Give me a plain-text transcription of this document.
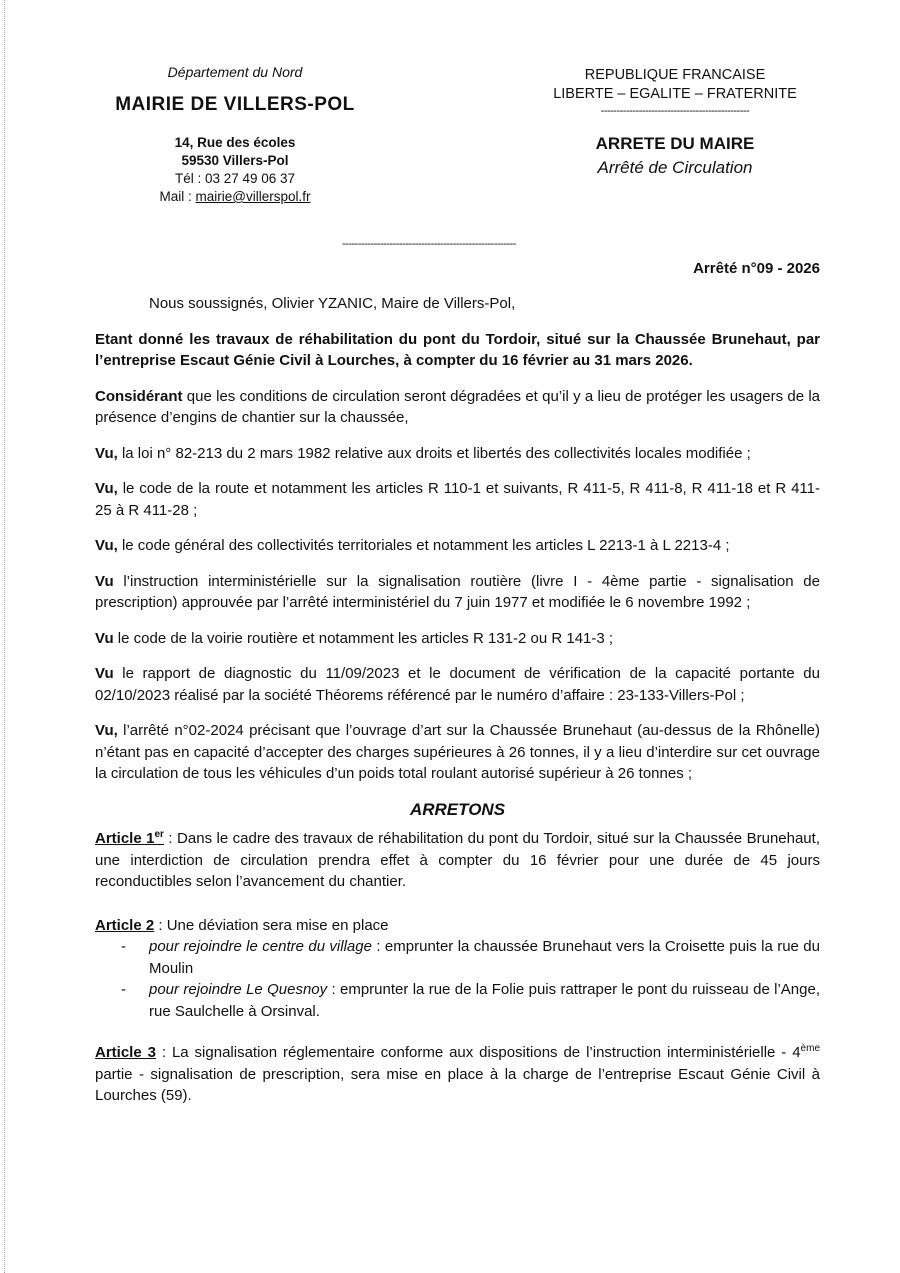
Département du Nord
MAIRIE DE VILLERS-POL
14, Rue des écoles
59530 Villers-Pol
Tél : 03 27 49 06 37
Mail : mairie@villerspol.fr
REPUBLIQUE FRANCAISE
LIBERTE – EGALITE – FRATERNITE
-----------------------------------------------
ARRETE DU MAIRE
Arrêté de Circulation
-------------------------------------------------------
Arrêté n°09 - 2026

Nous soussignés, Olivier YZANIC, Maire de Villers-Pol,

Etant donné les travaux de réhabilitation du pont du Tordoir, situé sur la Chaussée Brunehaut, par l’entreprise Escaut Génie Civil à Lourches, à compter du 16 février au 31 mars 2026.

Considérant que les conditions de circulation seront dégradées et qu’il y a lieu de protéger les usagers de la présence d’engins de chantier sur la chaussée,

Vu, la loi n° 82-213 du 2 mars 1982 relative aux droits et libertés des collectivités locales modifiée ;

Vu, le code de la route et notamment les articles R 110-1 et suivants, R 411-5, R 411-8, R 411-18 et R 411-25 à R 411-28 ;

Vu, le code général des collectivités territoriales et notamment les articles L 2213-1 à L 2213-4 ;

Vu l’instruction interministérielle sur la signalisation routière (livre I - 4ème partie - signalisation de prescription) approuvée par l’arrêté interministériel du 7 juin 1977 et modifiée le 6 novembre 1992 ;

Vu le code de la voirie routière et notamment les articles R 131-2 ou R 141-3 ;

Vu le rapport de diagnostic du 11/09/2023 et le document de vérification de la capacité portante du 02/10/2023 réalisé par la société Théorems référencé par le numéro d’affaire : 23-133-Villers-Pol ;

Vu, l’arrêté n°02-2024 précisant que l’ouvrage d’art sur la Chaussée Brunehaut (au-dessus de la Rhônelle) n’étant pas en capacité d’accepter des charges supérieures à 26 tonnes, il y a lieu d’interdire sur cet ouvrage la circulation de tous les véhicules d’un poids total roulant autorisé supérieur à 26 tonnes ;

ARRETONS

Article 1er : Dans le cadre des travaux de réhabilitation du pont du Tordoir, situé sur la Chaussée Brunehaut, une interdiction de circulation prendra effet à compter du 16 février pour une durée de 45 jours reconductibles selon l’avancement du chantier.

Article 2 : Une déviation sera mise en place

- pour rejoindre le centre du village : emprunter la chaussée Brunehaut vers la Croisette puis la rue du Moulin
- pour rejoindre Le Quesnoy : emprunter la rue de la Folie puis rattraper le pont du ruisseau de l’Ange, rue Saulchelle à Orsinval.

Article 3 : La signalisation réglementaire conforme aux dispositions de l’instruction interministérielle - 4ème partie - signalisation de prescription, sera mise en place à la charge de l’entreprise Escaut Génie Civil à Lourches (59).
